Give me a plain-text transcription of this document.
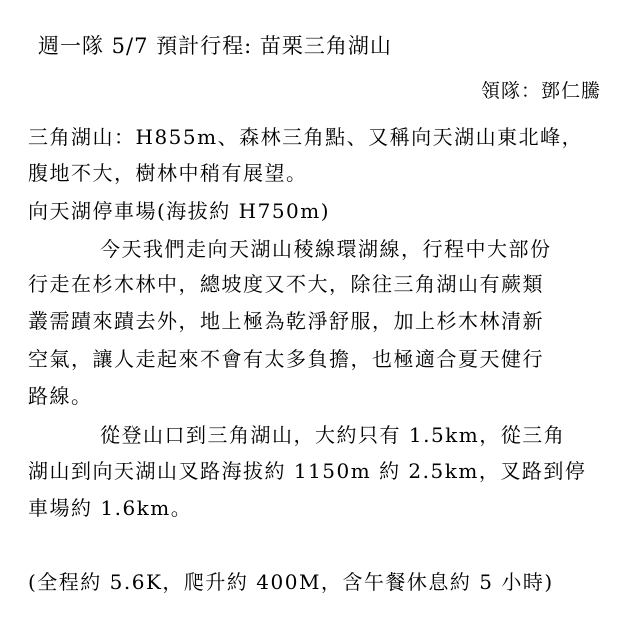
週一隊 5/7 預計行程: 苗栗三角湖山
領隊：鄧仁騰
三角湖山：H855m、森林三角點、又稱向天湖山東北峰，
腹地不大，樹林中稍有展望。
向天湖停車場(海拔約 H750m)
今天我們走向天湖山稜線環湖線，行程中大部份
行走在杉木林中，總坡度又不大，除往三角湖山有蕨類
叢需蹟來蹟去外，地上極為乾淨舒服，加上杉木林清新
空氣，讓人走起來不會有太多負擔，也極適合夏天健行
路線。
從登山口到三角湖山，大約只有 1.5km，從三角
湖山到向天湖山叉路海拔約 1150m 約 2.5km，叉路到停
車場約 1.6km。
(全程約 5.6K，爬升約 400M，含午餐休息約 5 小時)
